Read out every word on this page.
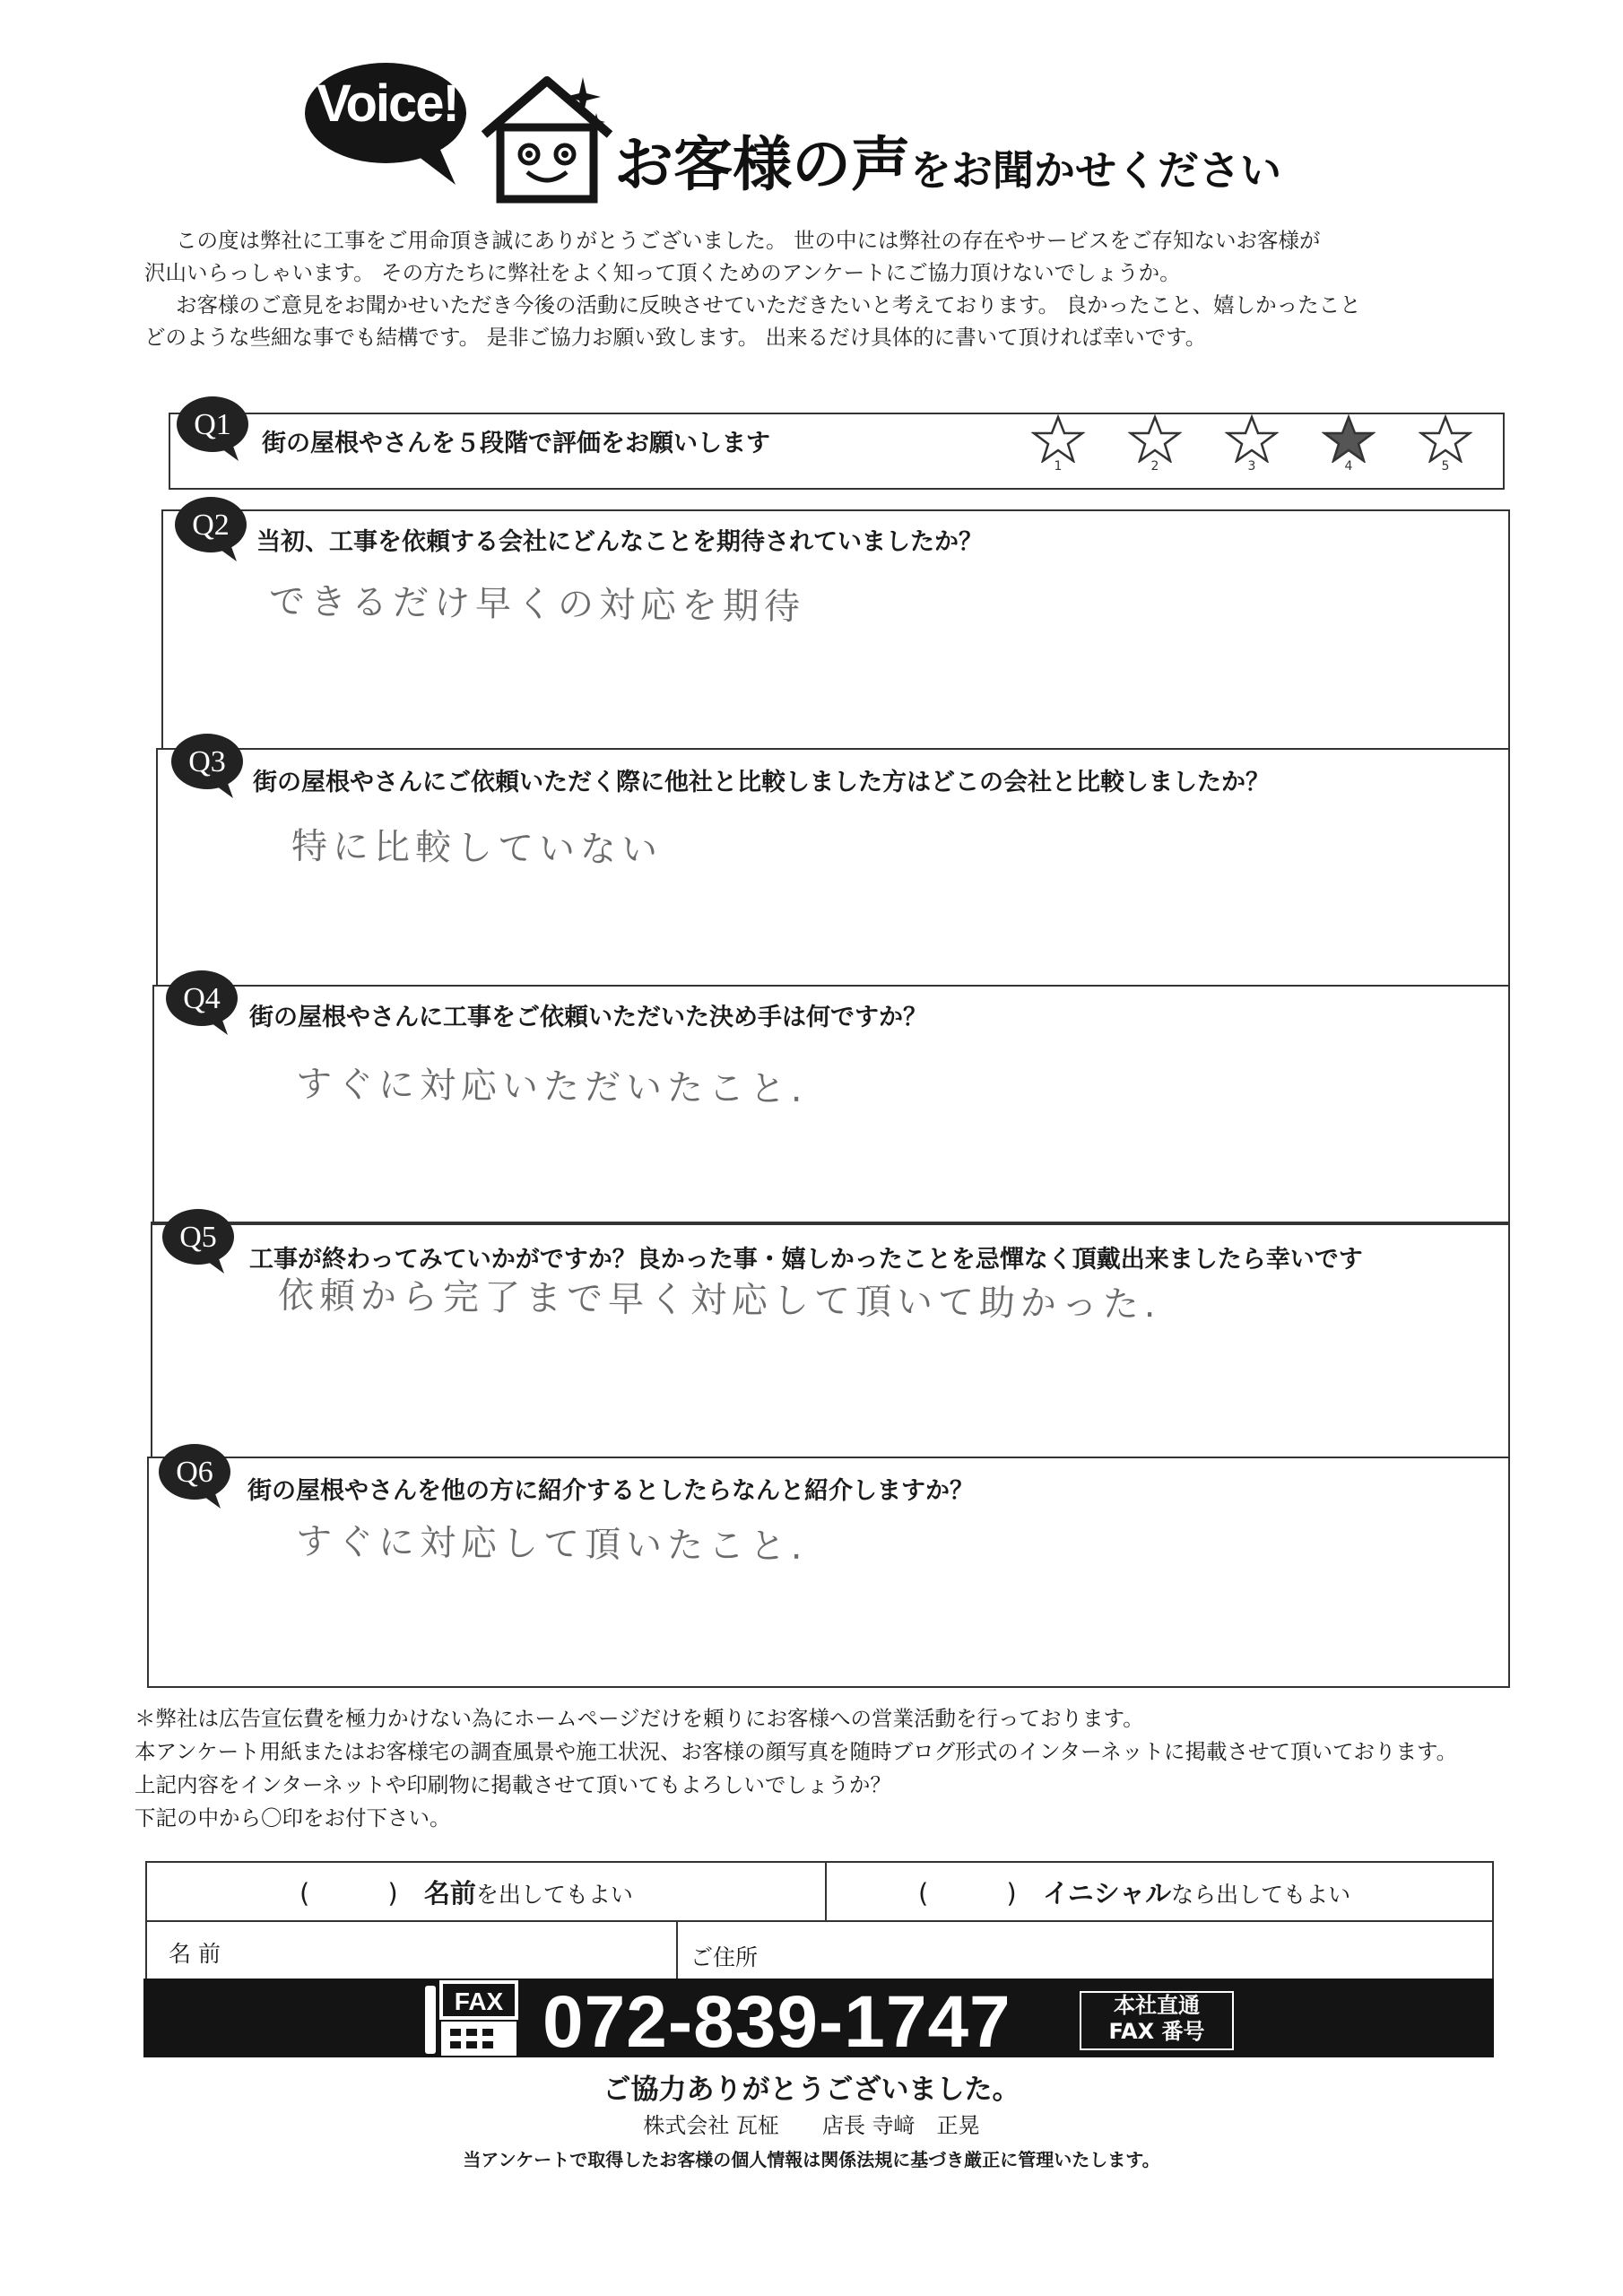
Voice!
お客様の声をお聞かせください

この度は弊社に工事をご用命頂き誠にありがとうございました。 世の中には弊社の存在やサービスをご存知ないお客様が

沢山いらっしゃいます。 その方たちに弊社をよく知って頂くためのアンケートにご協力頂けないでしょうか。

お客様のご意見をお聞かせいただき今後の活動に反映させていただきたいと考えております。 良かったこと、嬉しかったこと

どのような些細な事でも結構です。 是非ご協力お願い致します。 出来るだけ具体的に書いて頂ければ幸いです。

Q1
街の屋根やさんを５段階で評価をお願いします
1	2	3	4	5
Q2
当初、工事を依頼する会社にどんなことを期待されていましたか？
できるだけ早くの対応を期待
Q3
街の屋根やさんにご依頼いただく際に他社と比較しました方はどこの会社と比較しましたか？
特に比較していない
Q4
街の屋根やさんに工事をご依頼いただいた決め手は何ですか？
すぐに対応いただいたこと.
Q5
工事が終わってみていかがですか？良かった事・嬉しかったことを忌憚なく頂戴出来ましたら幸いです
依頼から完了まで早く対応して頂いて助かった.
Q6
街の屋根やさんを他の方に紹介するとしたらなんと紹介しますか？
すぐに対応して頂いたこと.

＊弊社は広告宣伝費を極力かけない為にホームページだけを頼りにお客様への営業活動を行っております。

本アンケート用紙またはお客様宅の調査風景や施工状況、お客様の顔写真を随時ブログ形式のインターネットに掲載させて頂いております。

上記内容をインターネットや印刷物に掲載させて頂いてもよろしいでしょうか？

下記の中から〇印をお付下さい。

(　　　) 名前を出してもよい	(　　　) イニシャルなら出してもよい
名 前	ご住所
FAX 072-839-1747	本社直通
FAX 番号
ご協力ありがとうございました。
株式会社 瓦柾　　店長 寺﨑　正晃
当アンケートで取得したお客様の個人情報は関係法規に基づき厳正に管理いたします。
